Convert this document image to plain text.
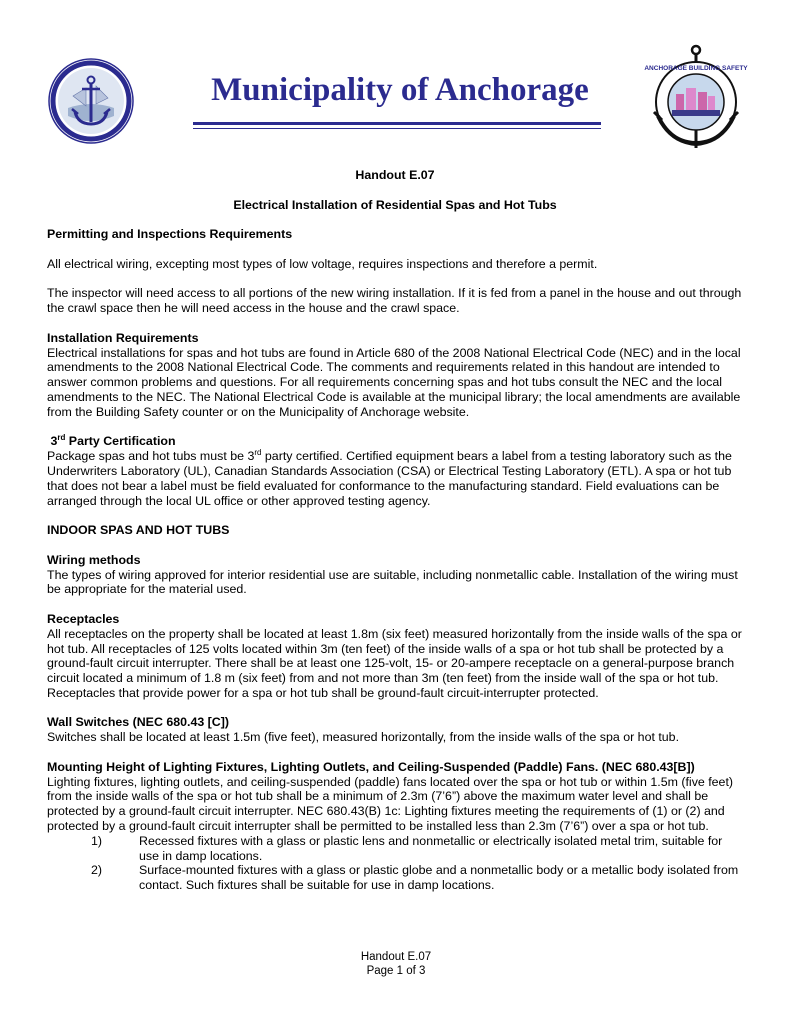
Municipality of Anchorage
ANCHORAGE BUILDING SAFETY

Handout E.07

Electrical Installation of Residential Spas and Hot Tubs

Permitting and Inspections Requirements

All electrical wiring, excepting most types of low voltage, requires inspections and therefore a permit.

The inspector will need access to all portions of the new wiring installation. If it is fed from a panel in the house and out through the crawl space then he will need access in the house and the crawl space.

Installation Requirements

Electrical installations for spas and hot tubs are found in Article 680 of the 2008 National Electrical Code (NEC) and in the local amendments to the 2008 National Electrical Code. The comments and requirements related in this handout are intended to answer common problems and questions. For all requirements concerning spas and hot tubs consult the NEC and the local amendments to the NEC. The National Electrical Code is available at the municipal library; the local amendments are available from the Building Safety counter or on the Municipality of Anchorage website.

3rd Party Certification

Package spas and hot tubs must be 3rd party certified. Certified equipment bears a label from a testing laboratory such as the Underwriters Laboratory (UL), Canadian Standards Association (CSA) or Electrical Testing Laboratory (ETL). A spa or hot tub that does not bear a label must be field evaluated for conformance to the manufacturing standard. Field evaluations can be arranged through the local UL office or other approved testing agency.

INDOOR SPAS AND HOT TUBS

Wiring methods

The types of wiring approved for interior residential use are suitable, including nonmetallic cable. Installation of the wiring must be appropriate for the material used.

Receptacles

All receptacles on the property shall be located at least 1.8m (six feet) measured horizontally from the inside walls of the spa or hot tub. All receptacles of 125 volts located within 3m (ten feet) of the inside walls of a spa or hot tub shall be protected by a ground-fault circuit interrupter. There shall be at least one 125-volt, 15- or 20-ampere receptacle on a general-purpose branch circuit located a minimum of 1.8 m (six feet) from and not more than 3m (ten feet) from the inside wall of the spa or hot tub. Receptacles that provide power for a spa or hot tub shall be ground-fault circuit-interrupter protected.

Wall Switches (NEC 680.43 [C])

Switches shall be located at least 1.5m (five feet), measured horizontally, from the inside walls of the spa or hot tub.

Mounting Height of Lighting Fixtures, Lighting Outlets, and Ceiling-Suspended (Paddle) Fans. (NEC 680.43[B])

Lighting fixtures, lighting outlets, and ceiling-suspended (paddle) fans located over the spa or hot tub or within 1.5m (five feet) from the inside walls of the spa or hot tub shall be a minimum of 2.3m (7’6”) above the maximum water level and shall be protected by a ground-fault circuit interrupter. NEC 680.43(B) 1c: Lighting fixtures meeting the requirements of (1) or (2) and protected by a ground-fault circuit interrupter shall be permitted to be installed less than 2.3m (7’6”) over a spa or hot tub.

1)	Recessed fixtures with a glass or plastic lens and nonmetallic or electrically isolated metal trim, suitable for use in damp locations.
2)	Surface-mounted fixtures with a glass or plastic globe and a nonmetallic body or a metallic body isolated from contact. Such fixtures shall be suitable for use in damp locations.
Handout E.07
Page 1 of 3
